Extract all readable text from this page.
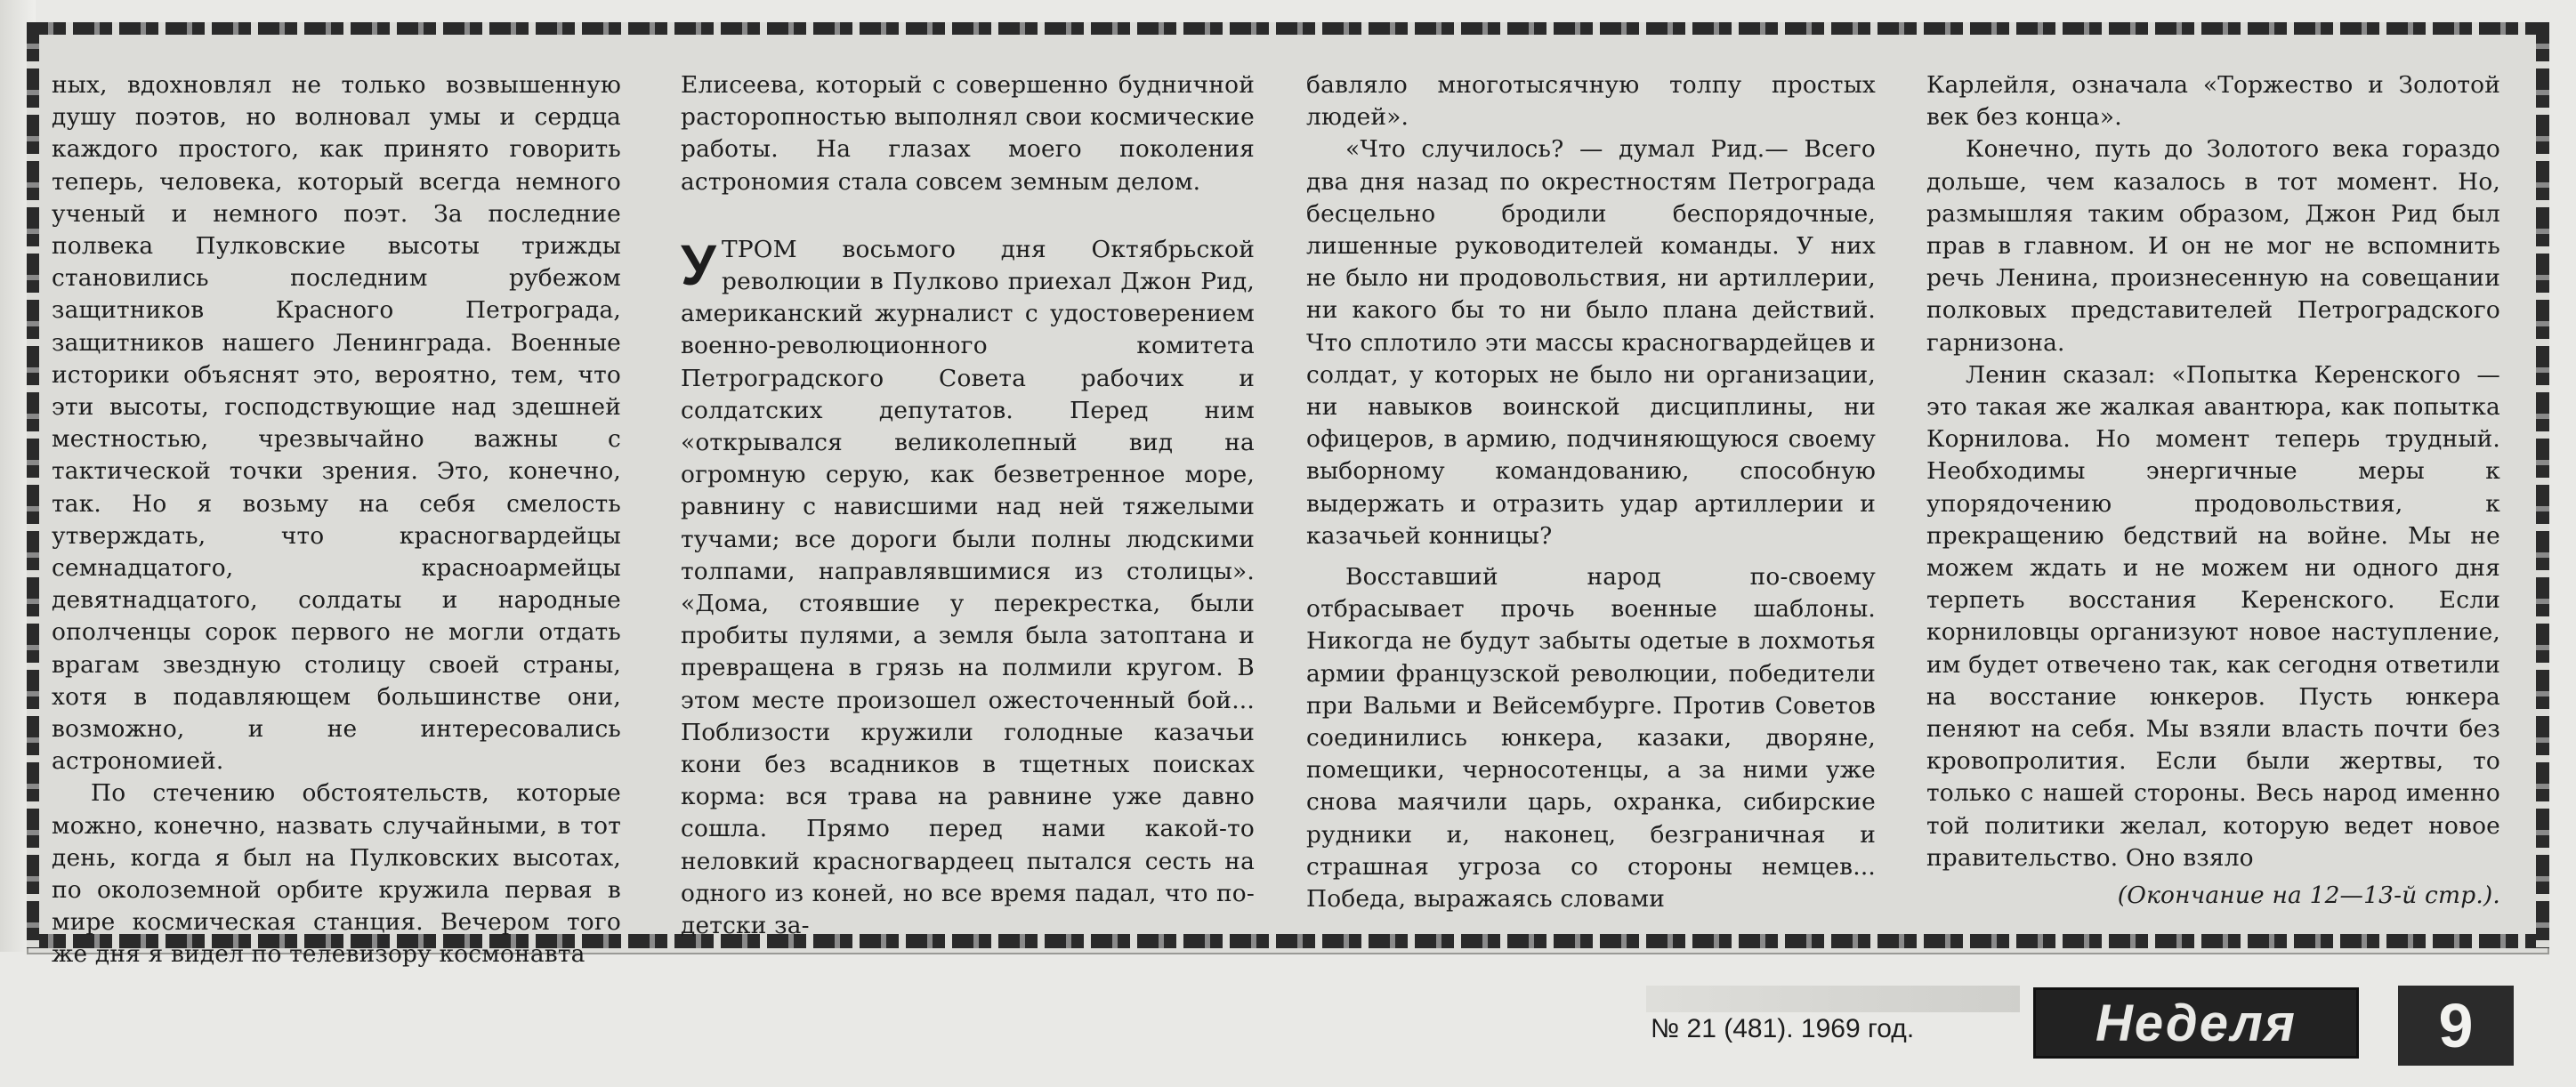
ных, вдохновлял не только возвышенную душу поэтов, но волновал умы и сердца каждого простого, как принято говорить теперь, человека, который всегда немного ученый и немного поэт. За последние полвека Пулковские высоты трижды становились последним рубежом защитников Красного Петрограда, защитников нашего Ленинграда. Военные историки объяснят это, вероятно, тем, что эти высоты, господствующие над здешней местностью, чрезвычайно важны с тактической точки зрения. Это, конечно, так. Но я возьму на себя смелость утверждать, что красногвардейцы семнадцатого, красноармейцы девятнадцатого, солдаты и народные ополченцы сорок первого не могли отдать врагам звездную столицу своей страны, хотя в подавляющем большинстве они, возможно, и не интересовались астрономией.

По стечению обстоятельств, которые можно, конечно, назвать случайными, в тот день, когда я был на Пулковских высотах, по околоземной орбите кружила первая в мире космическая станция. Вечером того же дня я видел по телевизору космонавта

Елисеева, который с совершенно будничной расторопностью выполнял свои космические работы. На глазах моего поколения астрономия стала совсем земным делом.

УТРОМ восьмого дня Октябрьской революции в Пулково приехал Джон Рид, американский журналист с удостоверением военно-революционного комитета Петроградского Совета рабочих и солдатских депутатов. Перед ним «открывался великолепный вид на огромную серую, как безветренное море, равнину с нависшими над ней тяжелыми тучами; все дороги были полны людскими толпами, направлявшимися из столицы». «Дома, стоявшие у перекрестка, были пробиты пулями, а земля была затоптана и превращена в грязь на полмили кругом. В этом месте произошел ожесточенный бой... Поблизости кружили голодные казачьи кони без всадников в тщетных поисках корма: вся трава на равнине уже давно сошла. Прямо перед нами какой-то неловкий красногвардеец пытался сесть на одного из коней, но все время падал, что по-детски за-

бавляло многотысячную толпу простых людей».

«Что случилось? — думал Рид.— Всего два дня назад по окрестностям Петрограда бесцельно бродили беспорядочные, лишенные руководителей команды. У них не было ни продовольствия, ни артиллерии, ни какого бы то ни было плана действий. Что сплотило эти массы красногвардейцев и солдат, у которых не было ни организации, ни навыков воинской дисциплины, ни офицеров, в армию, подчиняющуюся своему выборному командованию, способную выдержать и отразить удар артиллерии и казачьей конницы?

Восставший народ по-своему отбрасывает прочь военные шаблоны. Никогда не будут забыты одетые в лохмотья армии французской революции, победители при Вальми и Вейсембурге. Против Советов соединились юнкера, казаки, дворяне, помещики, черносотенцы, а за ними уже снова маячили царь, охранка, сибирские рудники и, наконец, безграничная и страшная угроза со стороны немцев... Победа, выражаясь словами

Карлейля, означала «Торжество и Золотой век без конца».

Конечно, путь до Золотого века гораздо дольше, чем казалось в тот момент. Но, размышляя таким образом, Джон Рид был прав в главном. И он не мог не вспомнить речь Ленина, произнесенную на совещании полковых представителей Петроградского гарнизона.

Ленин сказал: «Попытка Керенского — это такая же жалкая авантюра, как попытка Корнилова. Но момент теперь трудный. Необходимы энергичные меры к упорядочению продовольствия, к прекращению бедствий на войне. Мы не можем ждать и не можем ни одного дня терпеть восстания Керенского. Если корниловцы организуют новое наступление, им будет отвечено так, как сегодня ответили на восстание юнкеров. Пусть юнкера пеняют на себя. Мы взяли власть почти без кровопролития. Если были жертвы, то только с нашей стороны. Весь народ именно той политики желал, которую ведет новое правительство. Оно взяло

(Окончание на 12—13-й стр.).

№ 21 (481). 1969 год.	Неделя	9
